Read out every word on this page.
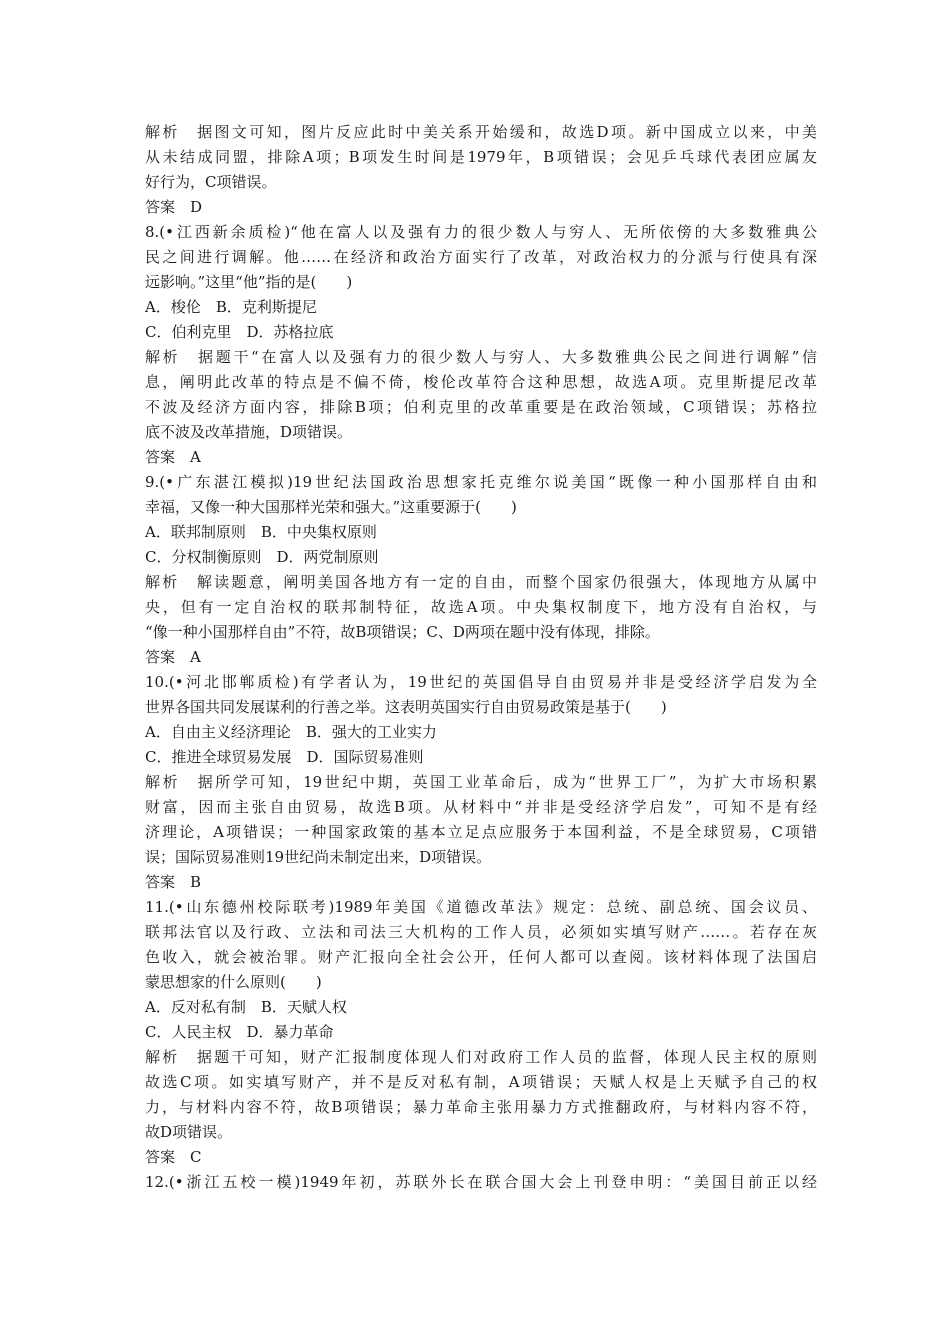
解析　据图文可知，图片反应此时中美关系开始缓和，故选D项。新中国成立以来，中美
从未结成同盟，排除A项；B项发生时间是1979年，B项错误；会见乒乓球代表团应属友
好行为，C项错误。
答案　D
8.(•江西新余质检)“他在富人以及强有力的很少数人与穷人、无所依傍的大多数雅典公
民之间进行调解。他……在经济和政治方面实行了改革，对政治权力的分派与行使具有深
远影响。”这里“他”指的是(　　)
A．梭伦　B．克利斯提尼
C．伯利克里　D．苏格拉底
解析　据题干“在富人以及强有力的很少数人与穷人、大多数雅典公民之间进行调解”信
息，阐明此改革的特点是不偏不倚，梭伦改革符合这种思想，故选A项。克里斯提尼改革
不波及经济方面内容，排除B项；伯利克里的改革重要是在政治领域，C项错误；苏格拉
底不波及改革措施，D项错误。
答案　A
9.(•广东湛江模拟)19世纪法国政治思想家托克维尔说美国“既像一种小国那样自由和
幸福，又像一种大国那样光荣和强大。”这重要源于(　　)
A．联邦制原则　B．中央集权原则
C．分权制衡原则　D．两党制原则
解析　解读题意，阐明美国各地方有一定的自由，而整个国家仍很强大，体现地方从属中
央，但有一定自治权的联邦制特征，故选A项。中央集权制度下，地方没有自治权，与
“像一种小国那样自由”不符，故B项错误；C、D两项在题中没有体现，排除。
答案　A
10.(•河北邯郸质检)有学者认为，19世纪的英国倡导自由贸易并非是受经济学启发为全
世界各国共同发展谋利的行善之举。这表明英国实行自由贸易政策是基于(　　)
A．自由主义经济理论　B．强大的工业实力
C．推进全球贸易发展　D．国际贸易准则
解析　据所学可知，19世纪中期，英国工业革命后，成为“世界工厂”，为扩大市场积累
财富，因而主张自由贸易，故选B项。从材料中“并非是受经济学启发”，可知不是有经
济理论，A项错误；一种国家政策的基本立足点应服务于本国利益，不是全球贸易，C项错
误；国际贸易准则19世纪尚未制定出来，D项错误。
答案　B
11.(•山东德州校际联考)1989年美国《道德改革法》规定：总统、副总统、国会议员、
联邦法官以及行政、立法和司法三大机构的工作人员，必须如实填写财产……。若存在灰
色收入，就会被治罪。财产汇报向全社会公开，任何人都可以查阅。该材料体现了法国启
蒙思想家的什么原则(　　)
A．反对私有制　B．天赋人权
C．人民主权　D．暴力革命
解析　据题干可知，财产汇报制度体现人们对政府工作人员的监督，体现人民主权的原则
故选C项。如实填写财产，并不是反对私有制，A项错误；天赋人权是上天赋予自己的权
力，与材料内容不符，故B项错误；暴力革命主张用暴力方式推翻政府，与材料内容不符，
故D项错误。
答案　C
12.(•浙江五校一模)1949年初，苏联外长在联合国大会上刊登申明：“美国目前正以经
